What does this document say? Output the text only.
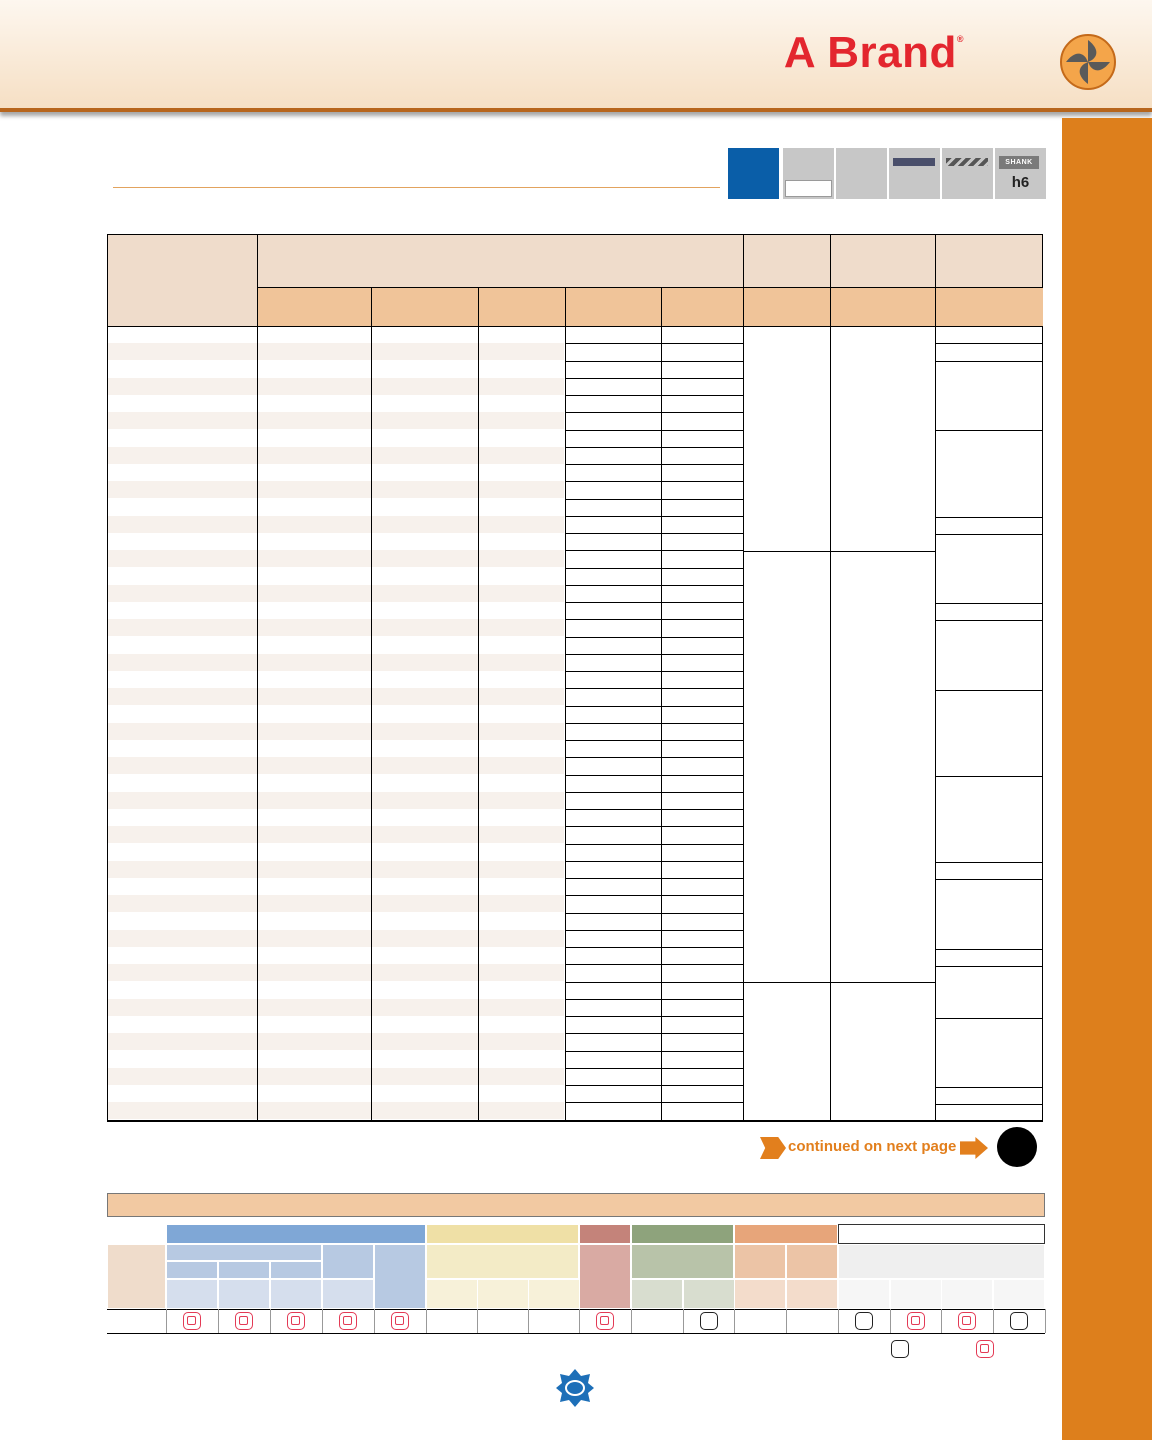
A Brand®
SHANK
h6
continued on next page
